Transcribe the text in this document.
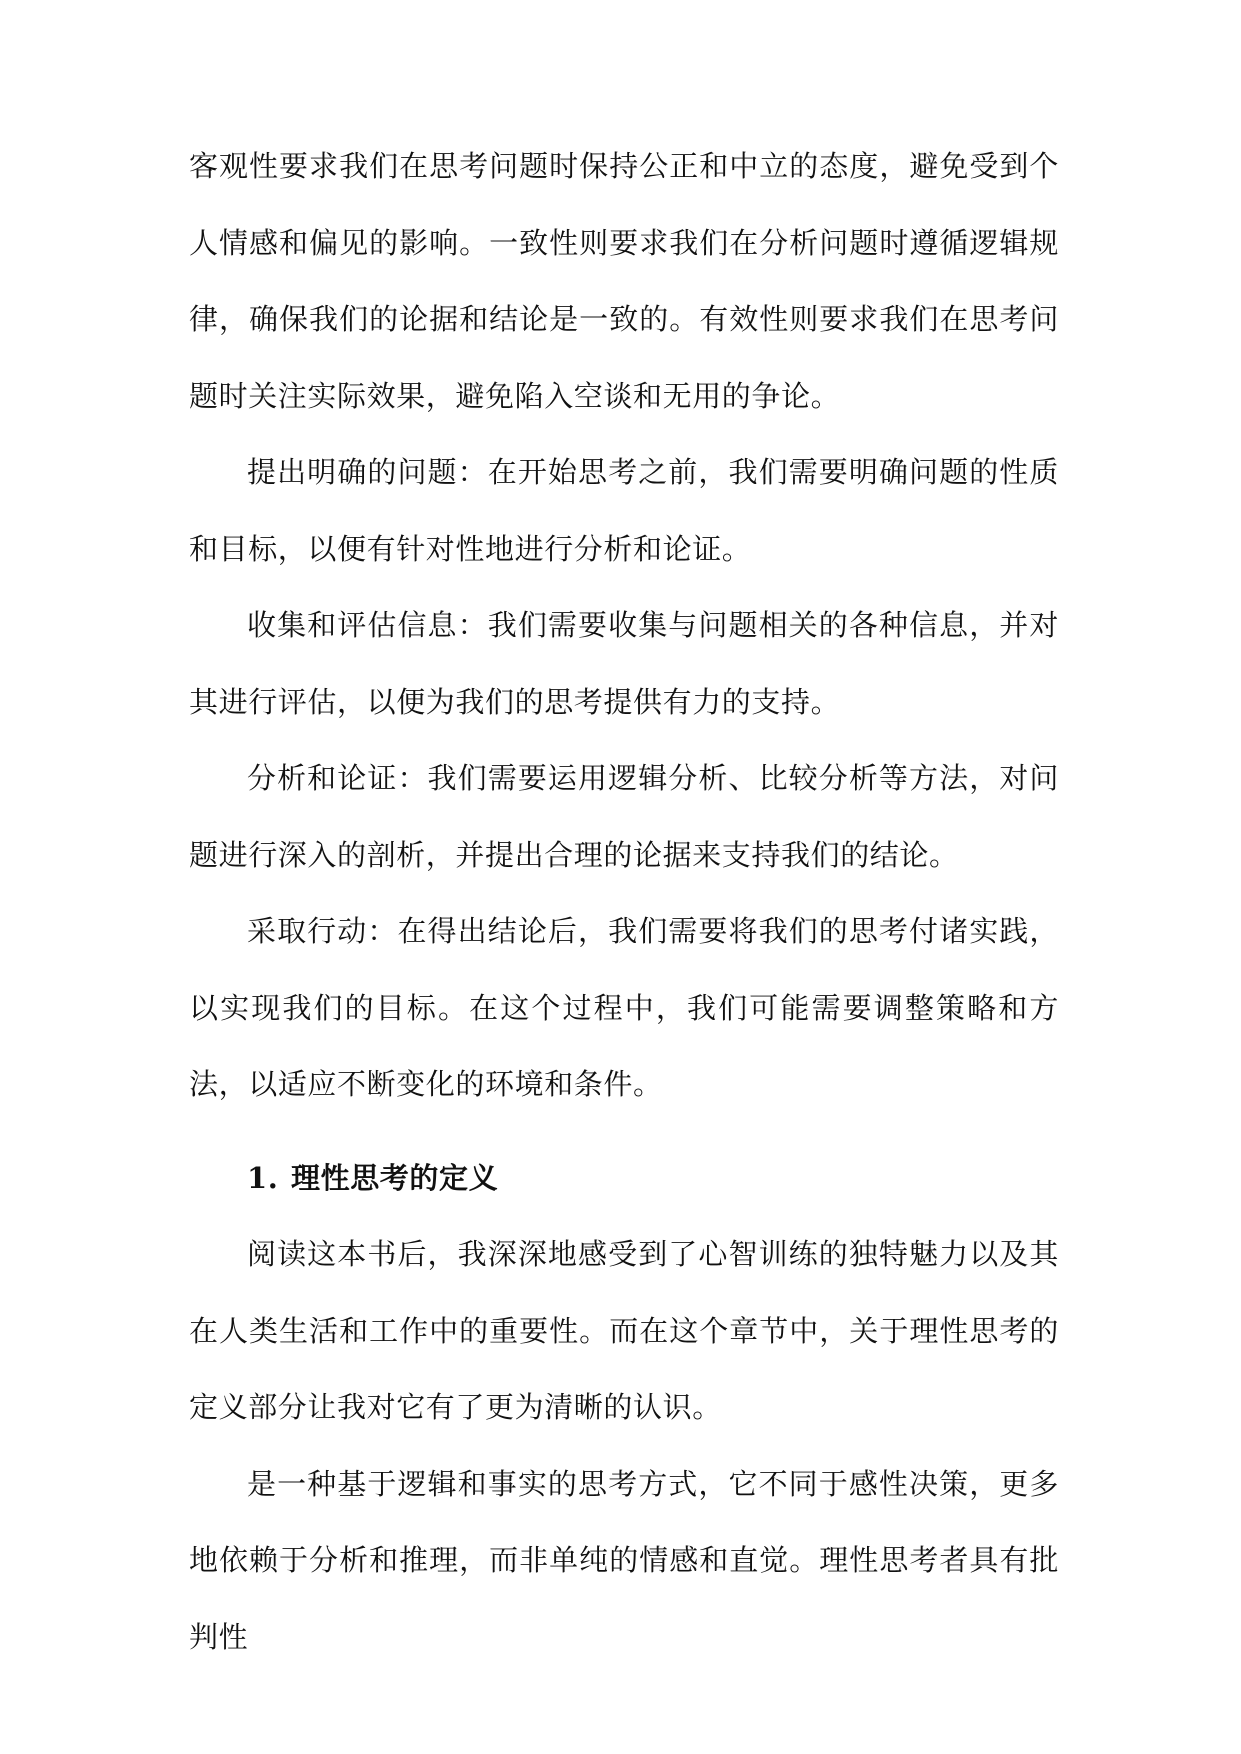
客观性要求我们在思考问题时保持公正和中立的态度，避免受到个人情感和偏见的影响。一致性则要求我们在分析问题时遵循逻辑规律，确保我们的论据和结论是一致的。有效性则要求我们在思考问题时关注实际效果，避免陷入空谈和无用的争论。

提出明确的问题：在开始思考之前，我们需要明确问题的性质和目标，以便有针对性地进行分析和论证。

收集和评估信息：我们需要收集与问题相关的各种信息，并对其进行评估，以便为我们的思考提供有力的支持。

分析和论证：我们需要运用逻辑分析、比较分析等方法，对问题进行深入的剖析，并提出合理的论据来支持我们的结论。

采取行动：在得出结论后，我们需要将我们的思考付诸实践，以实现我们的目标。在这个过程中，我们可能需要调整策略和方法，以适应不断变化的环境和条件。

1. 理性思考的定义

阅读这本书后，我深深地感受到了心智训练的独特魅力以及其在人类生活和工作中的重要性。而在这个章节中，关于理性思考的定义部分让我对它有了更为清晰的认识。

是一种基于逻辑和事实的思考方式，它不同于感性决策，更多地依赖于分析和推理，而非单纯的情感和直觉。理性思考者具有批判性
